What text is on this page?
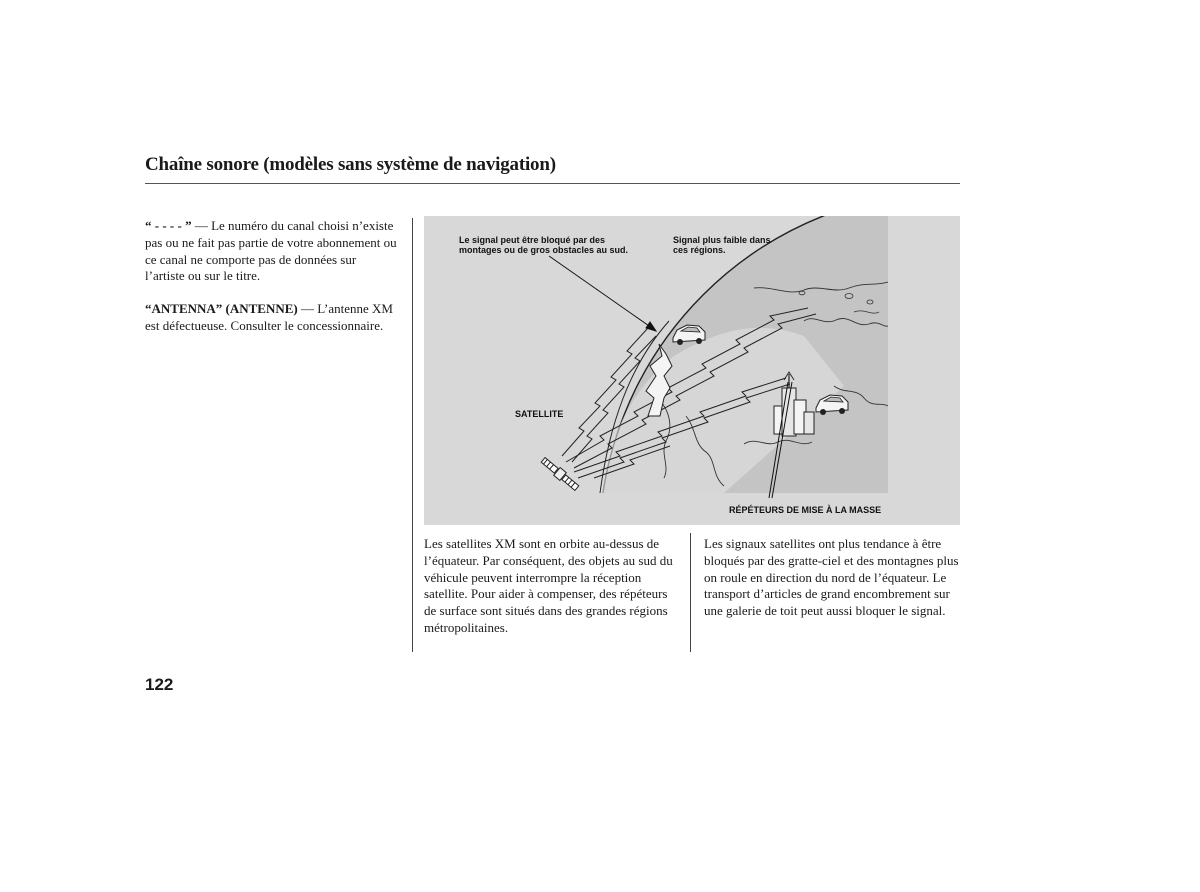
Chaîne sonore (modèles sans système de navigation)

“ - - - - ” — Le numéro du canal choisi n’existe pas ou ne fait pas partie de votre abonnement ou ce canal ne comporte pas de données sur l’artiste ou sur le titre.

“ANTENNA” (ANTENNE) — L’antenne XM est défectueuse. Consulter le concessionnaire.

Le signal peut être bloqué par des
montages ou de gros obstacles au sud.
Signal plus faible dans
ces régions.
SATELLITE
RÉPÉTEURS DE MISE À LA MASSE
Les satellites XM sont en orbite au-dessus de l’équateur. Par conséquent, des objets au sud du véhicule peuvent interrompre la réception satellite. Pour aider à compenser, des répéteurs de surface sont situés dans des grandes régions métropolitaines.
Les signaux satellites ont plus tendance à être bloqués par des gratte-ciel et des montagnes plus on roule en direction du nord de l’équateur. Le transport d’articles de grand encombrement sur une galerie de toit peut aussi bloquer le signal.
122
